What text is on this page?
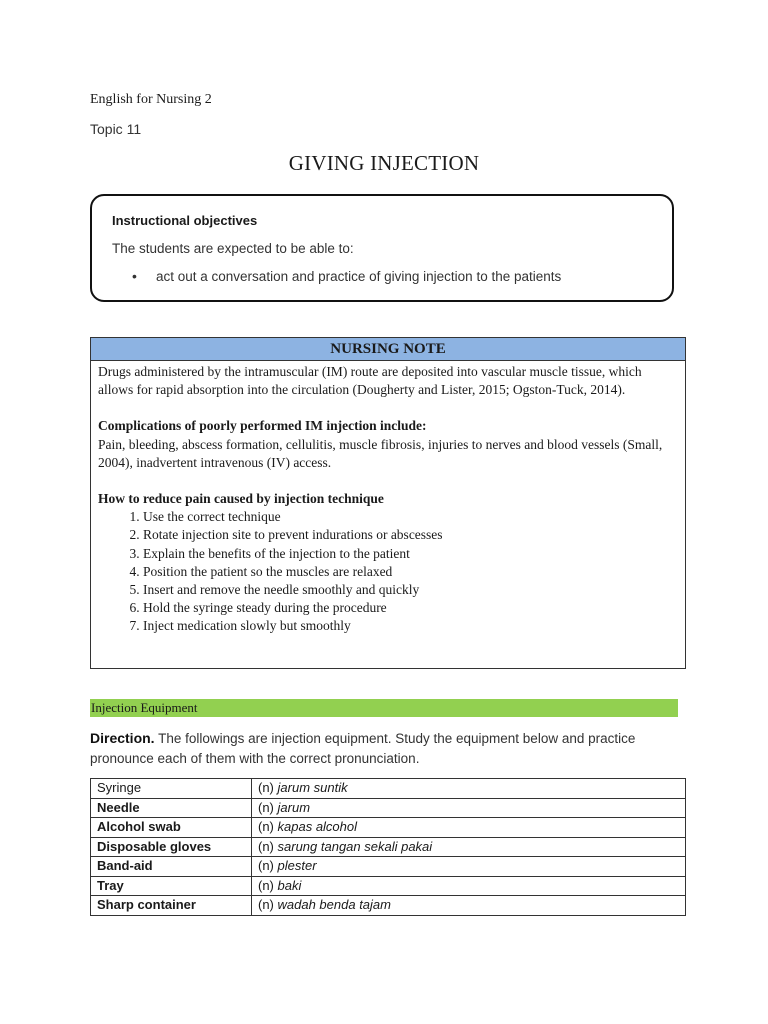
English for Nursing 2
Topic 11
GIVING INJECTION
Instructional objectives
The students are expected to be able to:
• act out a conversation and practice of giving injection to the patients
NURSING NOTE

Drugs administered by the intramuscular (IM) route are deposited into vascular muscle tissue, which allows for rapid absorption into the circulation (Dougherty and Lister, 2015; Ogston-Tuck, 2014).

Complications of poorly performed IM injection include:

Pain, bleeding, abscess formation, cellulitis, muscle fibrosis, injuries to nerves and blood vessels (Small, 2004), inadvertent intravenous (IV) access.

How to reduce pain caused by injection technique

1. Use the correct technique
2. Rotate injection site to prevent indurations or abscesses
3. Explain the benefits of the injection to the patient
4. Position the patient so the muscles are relaxed
5. Insert and remove the needle smoothly and quickly
6. Hold the syringe steady during the procedure
7. Inject medication slowly but smoothly
Injection Equipment
Direction. The followings are injection equipment. Study the equipment below and practice pronounce each of them with the correct pronunciation.
Syringe	(n) jarum suntik
Needle	(n) jarum
Alcohol swab	(n) kapas alcohol
Disposable gloves	(n) sarung tangan sekali pakai
Band-aid	(n) plester
Tray	(n) baki
Sharp container	(n) wadah benda tajam
